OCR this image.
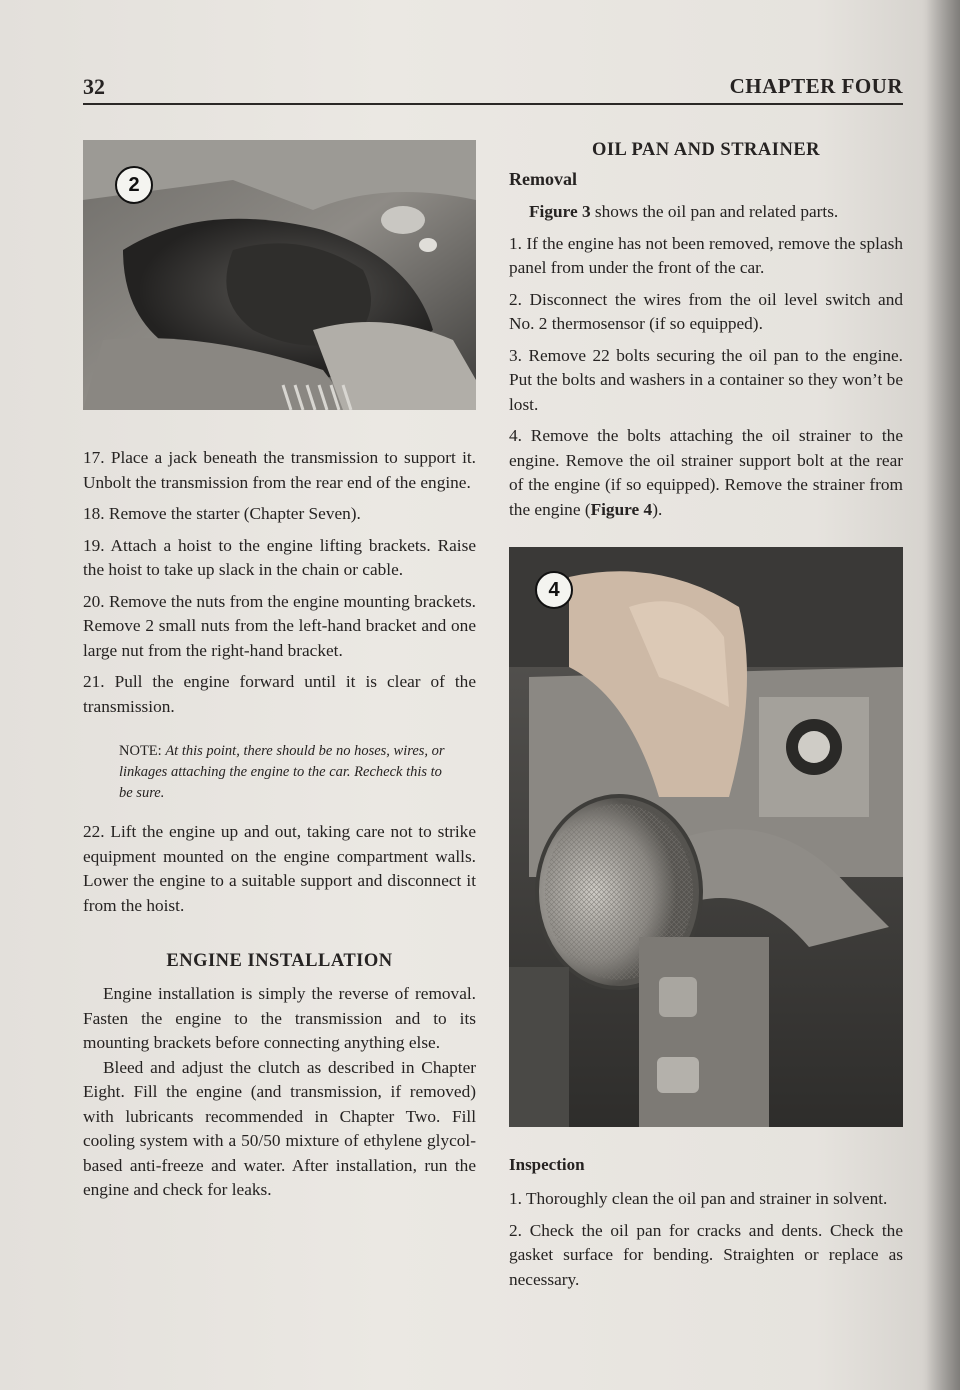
32	CHAPTER FOUR
2

17. Place a jack beneath the transmission to support it. Unbolt the transmission from the rear end of the engine.

18. Remove the starter (Chapter Seven).

19. Attach a hoist to the engine lifting brackets. Raise the hoist to take up slack in the chain or cable.

20. Remove the nuts from the engine mounting brackets. Remove 2 small nuts from the left-hand bracket and one large nut from the right-hand bracket.

21. Pull the engine forward until it is clear of the transmission.

NOTE: At this point, there should be no hoses, wires, or linkages attaching the engine to the car. Recheck this to be sure.

22. Lift the engine up and out, taking care not to strike equipment mounted on the engine compartment walls. Lower the engine to a suitable support and disconnect it from the hoist.

ENGINE INSTALLATION

Engine installation is simply the reverse of removal. Fasten the engine to the transmission and to its mounting brackets before connecting anything else.

Bleed and adjust the clutch as described in Chapter Eight. Fill the engine (and transmission, if removed) with lubricants recommended in Chapter Two. Fill cooling system with a 50/50 mixture of ethylene glycol-based anti-freeze and water. After installation, run the engine and check for leaks.

OIL PAN AND STRAINER
Removal

Figure 3 shows the oil pan and related parts.

1. If the engine has not been removed, remove the splash panel from under the front of the car.

2. Disconnect the wires from the oil level switch and No. 2 thermosensor (if so equipped).

3. Remove 22 bolts securing the oil pan to the engine. Put the bolts and washers in a container so they won’t be lost.

4. Remove the bolts attaching the oil strainer to the engine. Remove the oil strainer support bolt at the rear of the engine (if so equipped). Remove the strainer from the engine (Figure 4).

4
Inspection

1. Thoroughly clean the oil pan and strainer in solvent.

2. Check the oil pan for cracks and dents. Check the gasket surface for bending. Straighten or replace as necessary.
